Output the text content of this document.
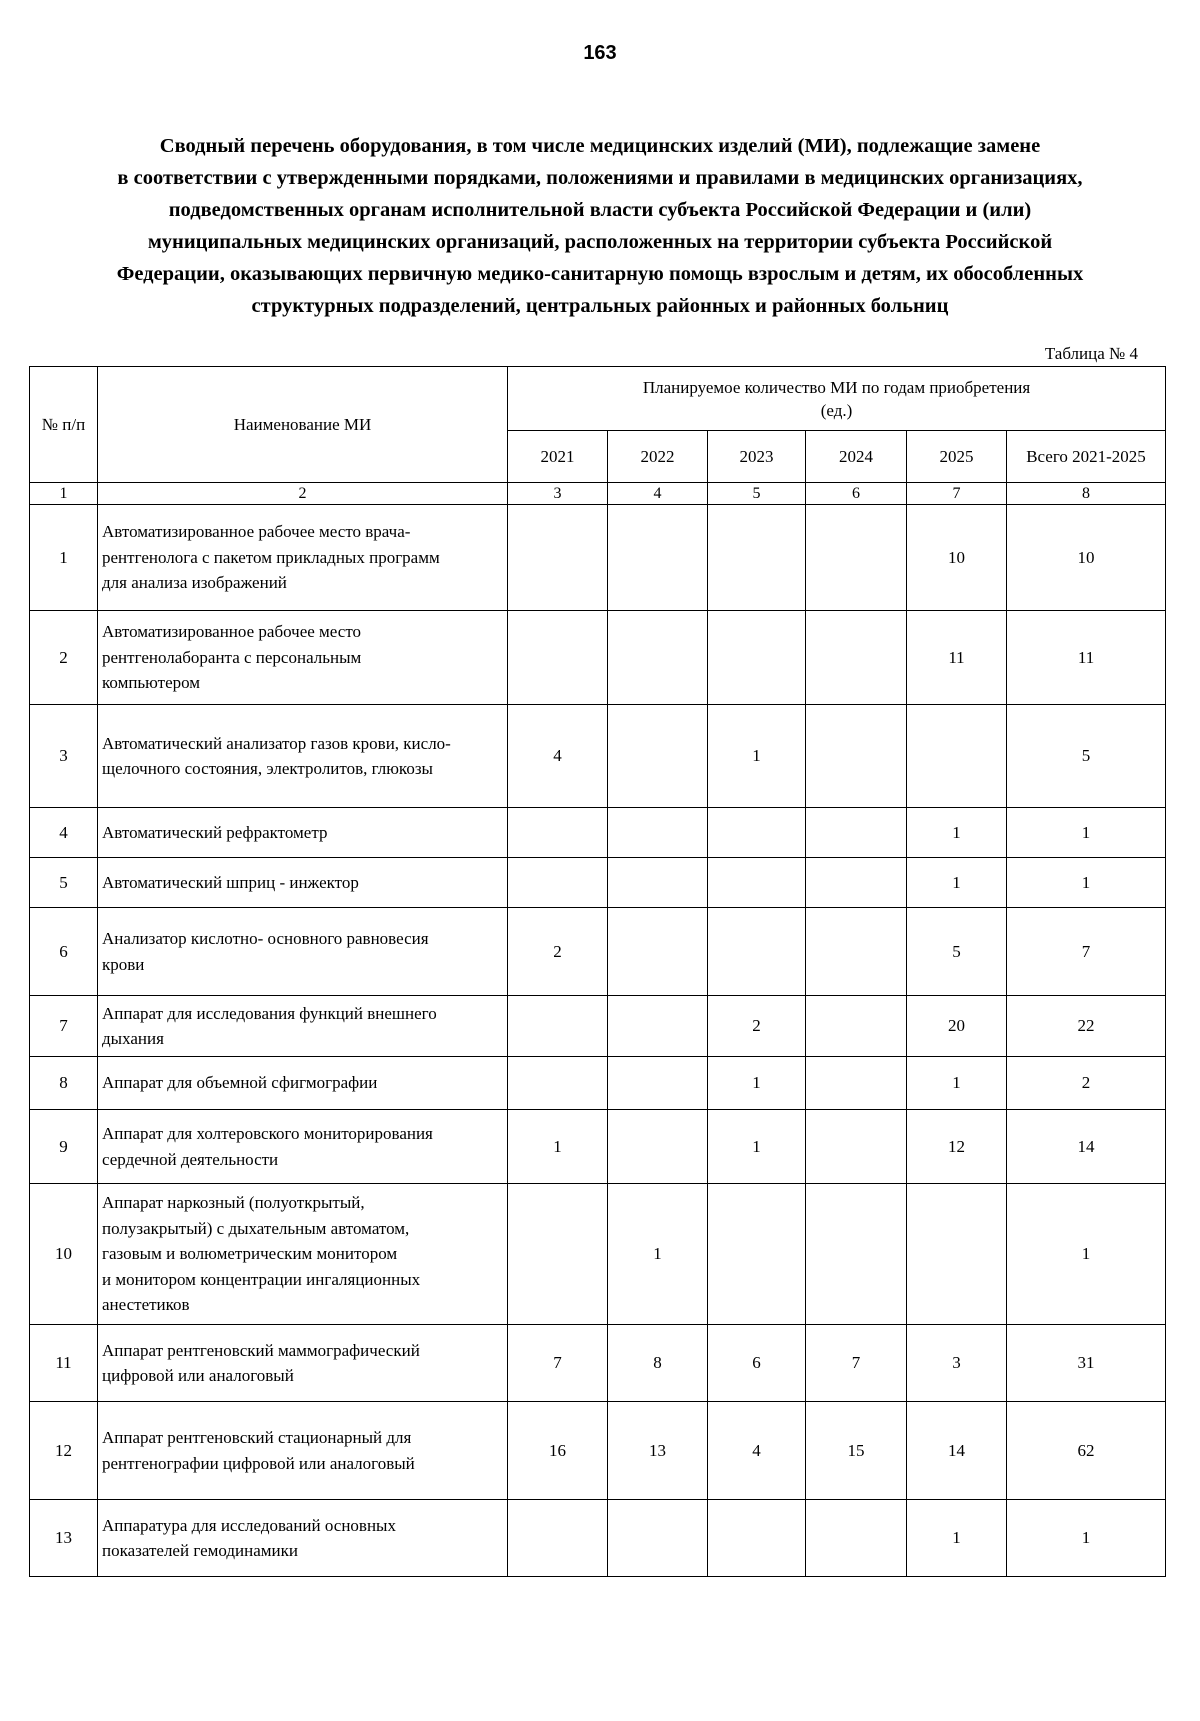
163
Сводный перечень оборудования, в том числе медицинских изделий (МИ), подлежащие замене
в соответствии с утвержденными порядками, положениями и правилами в медицинских организациях,
подведомственных органам исполнительной власти субъекта Российской Федерации и (или)
муниципальных медицинских организаций, расположенных на территории субъекта Российской
Федерации, оказывающих первичную медико-санитарную помощь взрослым и детям, их обособленных
структурных подразделений, центральных районных и районных больниц
Таблица № 4
№ п/п	Наименование МИ	Планируемое количество МИ по годам приобретения
(ед.)					

		2021	2022	2023	2024	2025	Всего 2021-2025
1	2	3	4	5	6	7	8
1	Автоматизированное рабочее место врача-
рентгенолога с пакетом прикладных программ
для анализа изображений					10	10
2	Автоматизированное рабочее место
рентгенолаборанта с персональным
компьютером					11	11
3	Автоматический анализатор газов крови, кисло-
щелочного состояния, электролитов, глюкозы	4		1			5
4	Автоматический рефрактометр					1	1
5	Автоматический шприц - инжектор					1	1
6	Анализатор кислотно- основного равновесия
крови	2				5	7
7	Аппарат для исследования функций внешнего
дыхания			2		20	22
8	Аппарат для объемной сфигмографии			1		1	2
9	Аппарат для холтеровского мониторирования
сердечной деятельности	1		1		12	14
10	Аппарат наркозный (полуоткрытый,
полузакрытый) с дыхательным автоматом,
газовым и волюметрическим монитором
и монитором концентрации ингаляционных
анестетиков		1				1
11	Аппарат рентгеновский маммографический
цифровой или аналоговый	7	8	6	7	3	31
12	Аппарат рентгеновский стационарный для
рентгенографии цифровой или аналоговый	16	13	4	15	14	62
13	Аппаратура для исследований основных
показателей гемодинамики					1	1
